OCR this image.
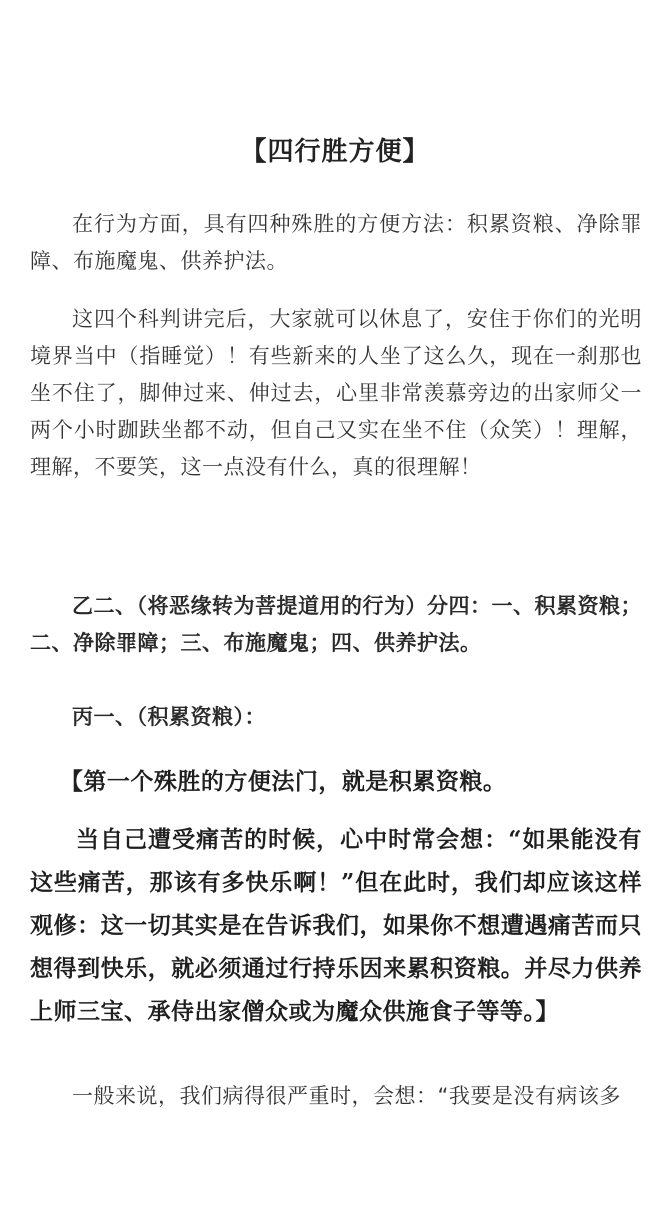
【四行胜方便】

在行为方面，具有四种殊胜的方便方法：积累资粮、净除罪障、布施魔鬼、供养护法。

这四个科判讲完后，大家就可以休息了，安住于你们的光明境界当中（指睡觉）！有些新来的人坐了这么久，现在一刹那也坐不住了，脚伸过来、伸过去，心里非常羡慕旁边的出家师父一两个小时跏趺坐都不动，但自己又实在坐不住（众笑）！理解，理解，不要笑，这一点没有什么，真的很理解！

乙二、（将恶缘转为菩提道用的行为）分四：一、积累资粮；二、净除罪障；三、布施魔鬼；四、供养护法。

丙一、（积累资粮）：

【第一个殊胜的方便法门，就是积累资粮。

当自己遭受痛苦的时候，心中时常会想：“如果能没有这些痛苦，那该有多快乐啊！”但在此时，我们却应该这样观修：这一切其实是在告诉我们，如果你不想遭遇痛苦而只想得到快乐，就必须通过行持乐因来累积资粮。并尽力供养上师三宝、承侍出家僧众或为魔众供施食子等等。】

一般来说，我们病得很严重时，会想：“我要是没有病该多
